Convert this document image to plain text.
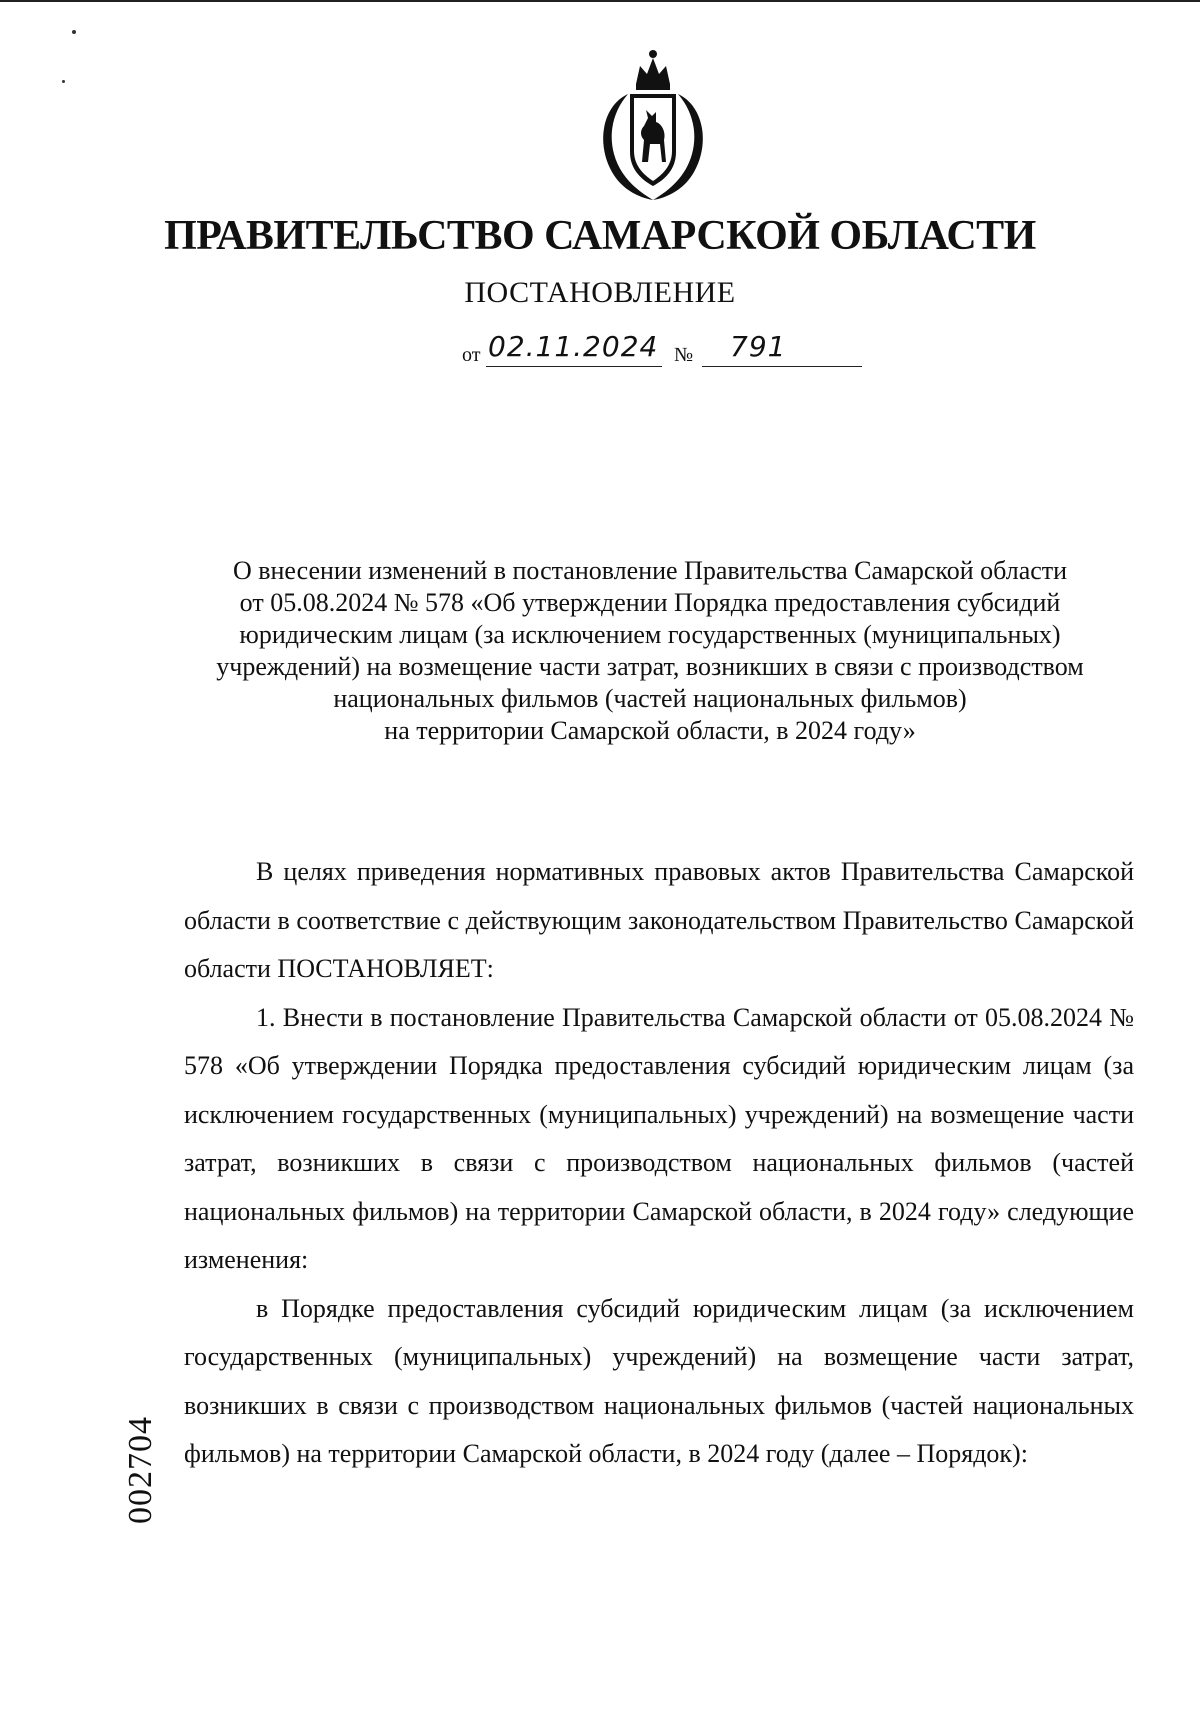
ПРАВИТЕЛЬСТВО САМАРСКОЙ ОБЛАСТИ
ПОСТАНОВЛЕНИЕ
от 02.11.2024 № 791
О внесении изменений в постановление Правительства Самарской области
от 05.08.2024 № 578 «Об утверждении Порядка предоставления субсидий
юридическим лицам (за исключением государственных (муниципальных)
учреждений) на возмещение части затрат, возникших в связи с производством
национальных фильмов (частей национальных фильмов)
на территории Самарской области, в 2024 году»

В целях приведения нормативных правовых актов Правительства Самарской области в соответствие с действующим законодательством Правительство Самарской области ПОСТАНОВЛЯЕТ:

1. Внести в постановление Правительства Самарской области от 05.08.2024 № 578 «Об утверждении Порядка предоставления субсидий юридическим лицам (за исключением государственных (муниципальных) учреждений) на возмещение части затрат, возникших в связи с производством национальных фильмов (частей национальных фильмов) на территории Самарской области, в 2024 году» следующие изменения:

в Порядке предоставления субсидий юридическим лицам (за исключением государственных (муниципальных) учреждений) на возмещение части затрат, возникших в связи с производством национальных фильмов (частей национальных фильмов) на территории Самарской области, в 2024 году (далее – Порядок):

002704
